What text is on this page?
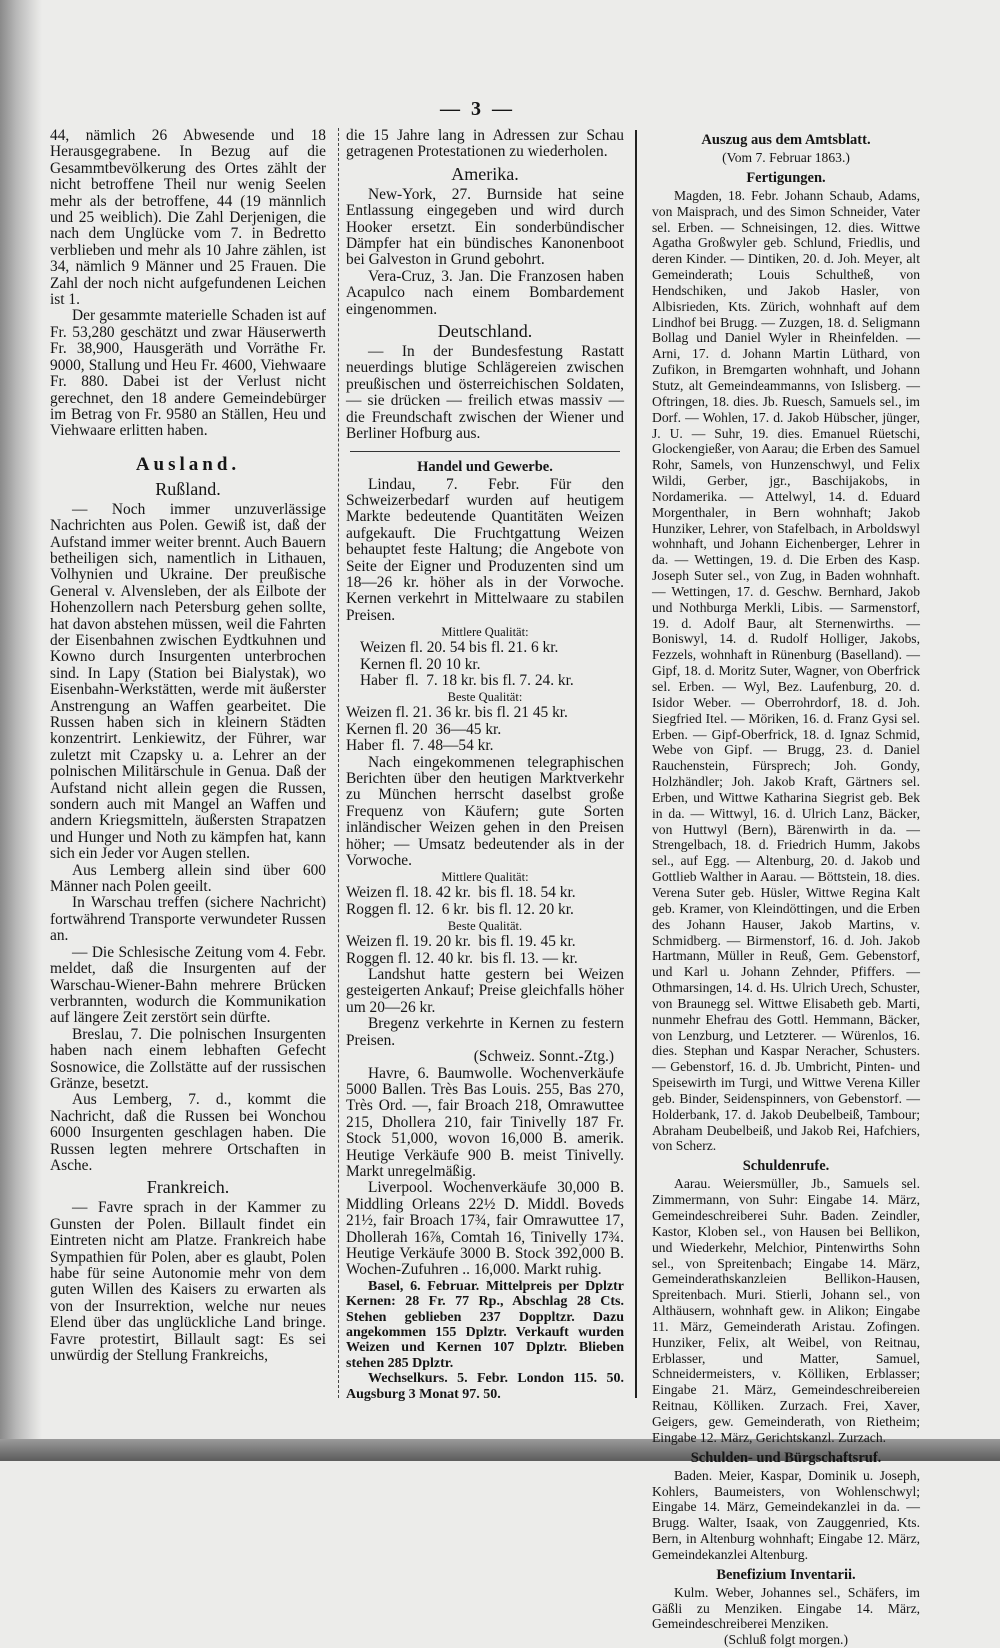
— 3 —
44, nämlich 26 Abwesende und 18 Herausgegrabene. In Bezug auf die Gesammtbevölkerung des Ortes zählt der nicht betroffene Theil nur wenig Seelen mehr als der betroffene, 44 (19 männlich und 25 weiblich). Die Zahl Derjenigen, die nach dem Unglücke vom 7. in Bedretto verblieben und mehr als 10 Jahre zählen, ist 34, nämlich 9 Männer und 25 Frauen. Die Zahl der noch nicht aufgefundenen Leichen ist 1.
Der gesammte materielle Schaden ist auf Fr. 53,280 geschätzt und zwar Häuserwerth Fr. 38,900, Hausgeräth und Vorräthe Fr. 9000, Stallung und Heu Fr. 4600, Viehwaare Fr. 880. Dabei ist der Verlust nicht gerechnet, den 18 andere Gemeindebürger im Betrag von Fr. 9580 an Ställen, Heu und Viehwaare erlitten haben.
Ausland.
Rußland.
— Noch immer unzuverlässige Nachrichten aus Polen. Gewiß ist, daß der Aufstand immer weiter brennt. Auch Bauern betheiligen sich, namentlich in Lithauen, Volhynien und Ukraine. Der preußische General v. Alvensleben, der als Eilbote der Hohenzollern nach Petersburg gehen sollte, hat davon abstehen müssen, weil die Fahrten der Eisenbahnen zwischen Eydtkuhnen und Kowno durch Insurgenten unterbrochen sind. In Lapy (Station bei Bialystak), wo Eisenbahn-Werkstätten, werde mit äußerster Anstrengung an Waffen gearbeitet. Die Russen haben sich in kleinern Städten konzentrirt. Lenkiewitz, der Führer, war zuletzt mit Czapsky u. a. Lehrer an der polnischen Militärschule in Genua. Daß der Aufstand nicht allein gegen die Russen, sondern auch mit Mangel an Waffen und andern Kriegsmitteln, äußersten Strapatzen und Hunger und Noth zu kämpfen hat, kann sich ein Jeder vor Augen stellen.
Aus Lemberg allein sind über 600 Männer nach Polen geeilt.
In Warschau treffen (sichere Nachricht) fortwährend Transporte verwundeter Russen an.
— Die Schlesische Zeitung vom 4. Febr. meldet, daß die Insurgenten auf der Warschau-Wiener-Bahn mehrere Brücken verbrannten, wodurch die Kommunikation auf längere Zeit zerstört sein dürfte.
Breslau, 7. Die polnischen Insurgenten haben nach einem lebhaften Gefecht Sosnowice, die Zollstätte auf der russischen Gränze, besetzt.
Aus Lemberg, 7. d., kommt die Nachricht, daß die Russen bei Wonchou 6000 Insurgenten geschlagen haben. Die Russen legten mehrere Ortschaften in Asche.
Frankreich.
— Favre sprach in der Kammer zu Gunsten der Polen. Billault findet ein Eintreten nicht am Platze. Frankreich habe Sympathien für Polen, aber es glaubt, Polen habe für seine Autonomie mehr von dem guten Willen des Kaisers zu erwarten als von der Insurrektion, welche nur neues Elend über das unglückliche Land bringe. Favre protestirt, Billault sagt: Es sei unwürdig der Stellung Frankreichs,
die 15 Jahre lang in Adressen zur Schau getragenen Protestationen zu wiederholen.
Amerika.
New-York, 27. Burnside hat seine Entlassung eingegeben und wird durch Hooker ersetzt. Ein sonderbündischer Dämpfer hat ein bündisches Kanonenboot bei Galveston in Grund gebohrt.
Vera-Cruz, 3. Jan. Die Franzosen haben Acapulco nach einem Bombardement eingenommen.
Deutschland.
— In der Bundesfestung Rastatt neuerdings blutige Schlägereien zwischen preußischen und österreichischen Soldaten, — sie drücken — freilich etwas massiv — die Freundschaft zwischen der Wiener und Berliner Hofburg aus.
Handel und Gewerbe.
Lindau, 7. Febr. Für den Schweizerbedarf wurden auf heutigem Markte bedeutende Quantitäten Weizen aufgekauft. Die Fruchtgattung Weizen behauptet feste Haltung; die Angebote von Seite der Eigner und Produzenten sind um 18—26 kr. höher als in der Vorwoche. Kernen verkehrt in Mittelwaare zu stabilen Preisen.
Mittlere Qualität:
Weizen fl. 20. 54 bis fl. 21. 6 kr.
Kernen fl. 20 10 kr.
Haber  fl.  7. 18 kr. bis fl. 7. 24. kr.
Beste Qualität:
Weizen fl. 21. 36 kr. bis fl. 21 45 kr.
Kernen fl. 20  36—45 kr.
Haber  fl.  7. 48—54 kr.
Nach eingekommenen telegraphischen Berichten über den heutigen Marktverkehr zu München herrscht daselbst große Frequenz von Käufern; gute Sorten inländischer Weizen gehen in den Preisen höher; — Umsatz bedeutender als in der Vorwoche.
Mittlere Qualität:
Weizen fl. 18. 42 kr.  bis fl. 18. 54 kr.
Roggen fl. 12.  6 kr.  bis fl. 12. 20 kr.
Beste Qualität.
Weizen fl. 19. 20 kr.  bis fl. 19. 45 kr.
Roggen fl. 12. 40 kr.  bis fl. 13. — kr.
Landshut hatte gestern bei Weizen gesteigerten Ankauf; Preise gleichfalls höher um 20—26 kr.
Bregenz verkehrte in Kernen zu festern Preisen.
(Schweiz. Sonnt.-Ztg.)
Havre, 6. Baumwolle. Wochenverkäufe 5000 Ballen. Très Bas Louis. 255, Bas 270, Très Ord. —, fair Broach 218, Omrawuttee 215, Dhollera 210, fair Tinivelly 187 Fr. Stock 51,000, wovon 16,000 B. amerik. Heutige Verkäufe 900 B. meist Tinivelly. Markt unregelmäßig.
Liverpool. Wochenverkäufe 30,000 B. Middling Orleans 22½ D. Middl. Boveds 21½, fair Broach 17¾, fair Omrawuttee 17, Dhollerah 16⅞, Comtah 16, Tinivelly 17¾. Heutige Verkäufe 3000 B. Stock 392,000 B. Wochen-Zufuhren .. 16,000. Markt ruhig.
Basel, 6. Februar. Mittelpreis per Dplztr Kernen: 28 Fr. 77 Rp., Abschlag 28 Cts. Stehen geblieben 237 Doppltzr. Dazu angekommen 155 Dplztr. Verkauft wurden Weizen und Kernen 107 Dplztr. Blieben stehen 285 Dplztr.
Wechselkurs. 5. Febr. London 115. 50. Augsburg 3 Monat 97. 50.
Auszug aus dem Amtsblatt.
(Vom 7. Februar 1863.)
Fertigungen.
Magden, 18. Febr. Johann Schaub, Adams, von Maisprach, und des Simon Schneider, Vater sel. Erben. — Schneisingen, 12. dies. Wittwe Agatha Großwyler geb. Schlund, Friedlis, und deren Kinder. — Dintiken, 20. d. Joh. Meyer, alt Gemeinderath; Louis Schultheß, von Hendschiken, und Jakob Hasler, von Albisrieden, Kts. Zürich, wohnhaft auf dem Lindhof bei Brugg. — Zuzgen, 18. d. Seligmann Bollag und Daniel Wyler in Rheinfelden. — Arni, 17. d. Johann Martin Lüthard, von Zufikon, in Bremgarten wohnhaft, und Johann Stutz, alt Gemeindeammanns, von Islisberg. — Oftringen, 18. dies. Jb. Ruesch, Samuels sel., im Dorf. — Wohlen, 17. d. Jakob Hübscher, jünger, J. U. — Suhr, 19. dies. Emanuel Rüetschi, Glockengießer, von Aarau; die Erben des Samuel Rohr, Samels, von Hunzenschwyl, und Felix Wildi, Gerber, jgr., Baschijakobs, in Nordamerika. — Attelwyl, 14. d. Eduard Morgenthaler, in Bern wohnhaft; Jakob Hunziker, Lehrer, von Stafelbach, in Arboldswyl wohnhaft, und Johann Eichenberger, Lehrer in da. — Wettingen, 19. d. Die Erben des Kasp. Joseph Suter sel., von Zug, in Baden wohnhaft. — Wettingen, 17. d. Geschw. Bernhard, Jakob und Nothburga Merkli, Libis. — Sarmenstorf, 19. d. Adolf Baur, alt Sternenwirths. — Boniswyl, 14. d. Rudolf Holliger, Jakobs, Fezzels, wohnhaft in Rünenburg (Baselland). — Gipf, 18. d. Moritz Suter, Wagner, von Oberfrick sel. Erben. — Wyl, Bez. Laufenburg, 20. d. Isidor Weber. — Oberrohrdorf, 18. d. Joh. Siegfried Itel. — Möriken, 16. d. Franz Gysi sel. Erben. — Gipf-Oberfrick, 18. d. Ignaz Schmid, Webe von Gipf. — Brugg, 23. d. Daniel Rauchenstein, Fürsprech; Joh. Gondy, Holzhändler; Joh. Jakob Kraft, Gärtners sel. Erben, und Wittwe Katharina Siegrist geb. Bek in da. — Wittwyl, 16. d. Ulrich Lanz, Bäcker, von Huttwyl (Bern), Bärenwirth in da. — Strengelbach, 18. d. Friedrich Humm, Jakobs sel., auf Egg. — Altenburg, 20. d. Jakob und Gottlieb Walther in Aarau. — Böttstein, 18. dies. Verena Suter geb. Hüsler, Wittwe Regina Kalt geb. Kramer, von Kleindöttingen, und die Erben des Johann Hauser, Jakob Martins, v. Schmidberg. — Birmenstorf, 16. d. Joh. Jakob Hartmann, Müller in Reuß, Gem. Gebenstorf, und Karl u. Johann Zehnder, Pfiffers. — Othmarsingen, 14. d. Hs. Ulrich Urech, Schuster, von Braunegg sel. Wittwe Elisabeth geb. Marti, nunmehr Ehefrau des Gottl. Hemmann, Bäcker, von Lenzburg, und Letzterer. — Würenlos, 16. dies. Stephan und Kaspar Neracher, Schusters. — Gebenstorf, 16. d. Jb. Umbricht, Pinten- und Speisewirth im Turgi, und Wittwe Verena Killer geb. Binder, Seidenspinners, von Gebenstorf. — Holderbank, 17. d. Jakob Deubelbeiß, Tambour; Abraham Deubelbeiß, und Jakob Rei, Hafchiers, von Scherz.
Schuldenrufe.
Aarau. Weiersmüller, Jb., Samuels sel. Zimmermann, von Suhr: Eingabe 14. März, Gemeindeschreiberei Suhr. Baden. Zeindler, Kastor, Kloben sel., von Hausen bei Bellikon, und Wiederkehr, Melchior, Pintenwirths Sohn sel., von Spreitenbach; Eingabe 14. März, Gemeinderathskanzleien Bellikon-Hausen, Spreitenbach. Muri. Stierli, Johann sel., von Althäusern, wohnhaft gew. in Alikon; Eingabe 11. März, Gemeinderath Aristau. Zofingen. Hunziker, Felix, alt Weibel, von Reitnau, Erblasser, und Matter, Samuel, Schneidermeisters, v. Kölliken, Erblasser; Eingabe 21. März, Gemeindeschreibereien Reitnau, Kölliken. Zurzach. Frei, Xaver, Geigers, gew. Gemeinderath, von Rietheim; Eingabe 12. März, Gerichtskanzl. Zurzach.
Schulden- und Bürgschaftsruf.
Baden. Meier, Kaspar, Dominik u. Joseph, Kohlers, Baumeisters, von Wohlenschwyl; Eingabe 14. März, Gemeindekanzlei in da. — Brugg. Walter, Isaak, von Zauggenried, Kts. Bern, in Altenburg wohnhaft; Eingabe 12. März, Gemeindekanzlei Altenburg.
Benefizium Inventarii.
Kulm. Weber, Johannes sel., Schäfers, im Gäßli zu Menziken. Eingabe 14. März, Gemeindeschreiberei Menziken.
(Schluß folgt morgen.)
